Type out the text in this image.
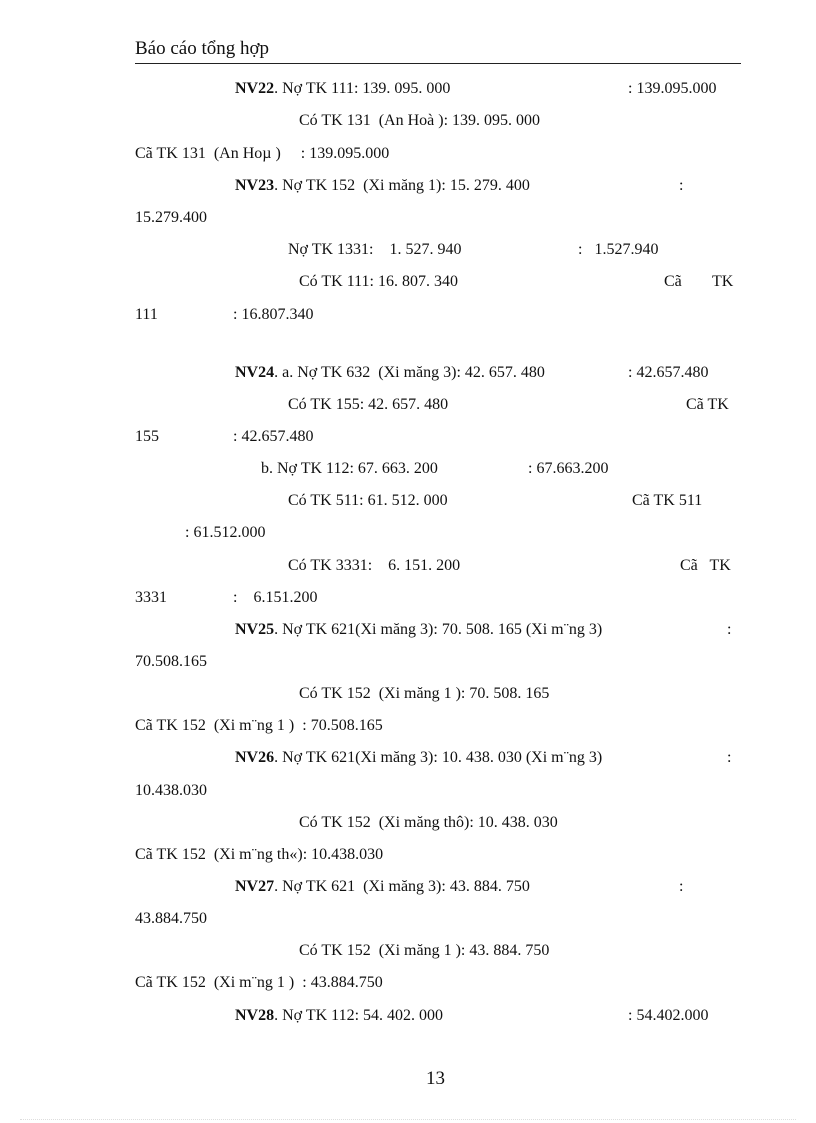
Báo cáo tổng hợp
NV22. Nợ TK 111: 139. 095. 000	: 139.095.000
Có TK 131  (An Hoà ): 139. 095. 000
Cã TK 131  (An Hoµ )     : 139.095.000
NV23. Nợ TK 152  (Xi măng 1): 15. 279. 400	:
15.279.400
Nợ TK 1331:    1. 527. 940	:   1.527.940
Có TK 111: 16. 807. 340	Cã TK
111	: 16.807.340
NV24. a. Nợ TK 632  (Xi măng 3): 42. 657. 480	: 42.657.480
Có TK 155: 42. 657. 480	Cã TK
155	: 42.657.480
b. Nợ TK 112: 67. 663. 200	: 67.663.200
Có TK 511: 61. 512. 000	Cã TK 511
: 61.512.000
Có TK 3331:    6. 151. 200	Cã   TK
3331	:    6.151.200
NV25. Nợ TK 621(Xi măng 3): 70. 508. 165 (Xi m¨ng 3)	:
70.508.165
Có TK 152  (Xi măng 1 ): 70. 508. 165
Cã TK 152  (Xi m¨ng 1 )  : 70.508.165
NV26. Nợ TK 621(Xi măng 3): 10. 438. 030 (Xi m¨ng 3)	:
10.438.030
Có TK 152  (Xi măng thô): 10. 438. 030
Cã TK 152  (Xi m¨ng th«): 10.438.030
NV27. Nợ TK 621  (Xi măng 3): 43. 884. 750	:
43.884.750
Có TK 152  (Xi măng 1 ): 43. 884. 750
Cã TK 152  (Xi m¨ng 1 )  : 43.884.750
NV28. Nợ TK 112: 54. 402. 000	: 54.402.000
13
